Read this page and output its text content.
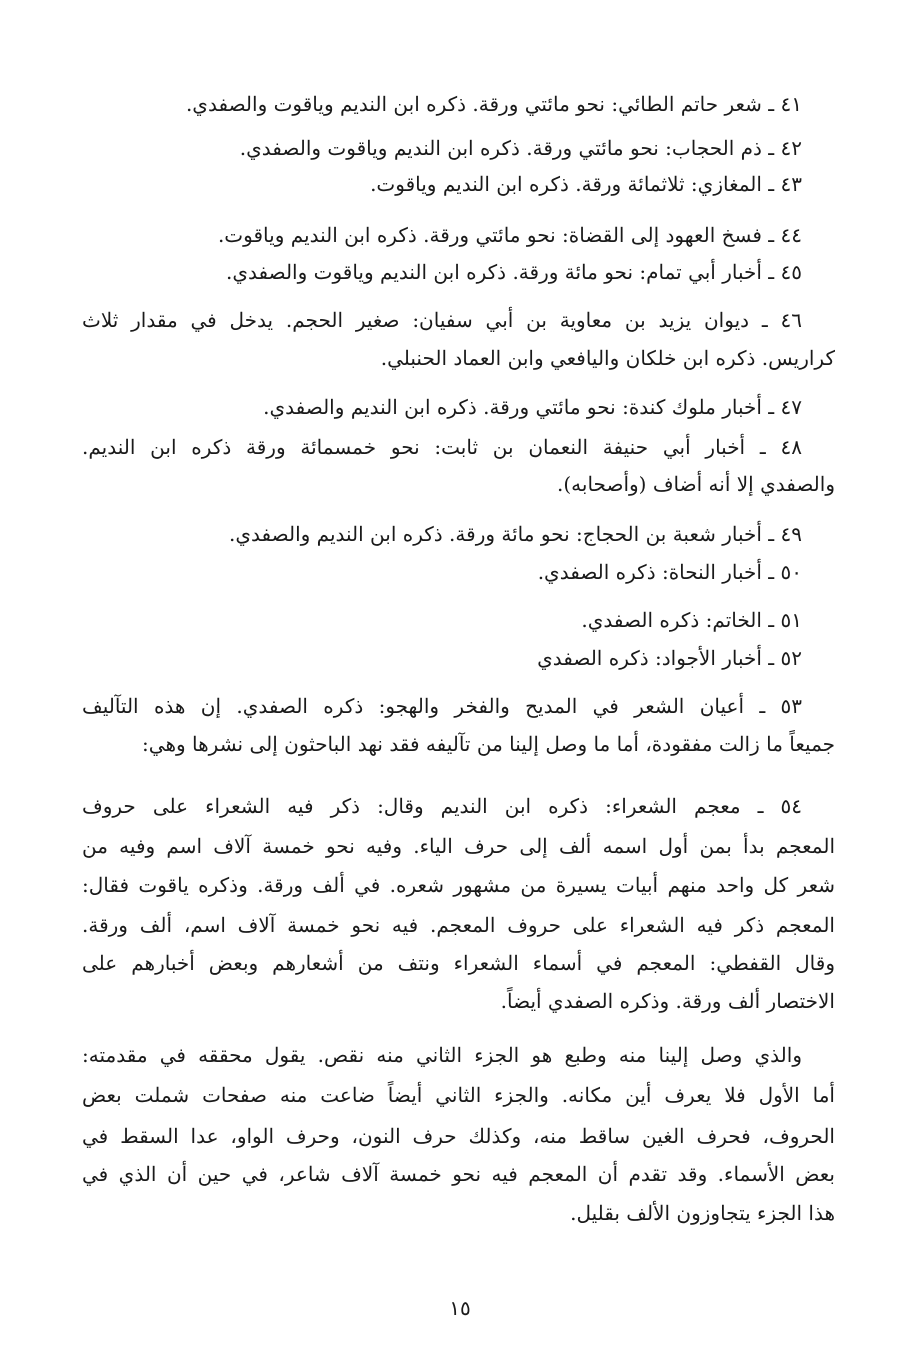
٤١ ـ شعر حاتم الطائي: نحو مائتي ورقة. ذكره ابن النديم وياقوت والصفدي.
٤٢ ـ ذم الحجاب: نحو مائتي ورقة. ذكره ابن النديم وياقوت والصفدي.
٤٣ ـ المغازي: ثلاثمائة ورقة. ذكره ابن النديم وياقوت.
٤٤ ـ فسخ العهود إلى القضاة: نحو مائتي ورقة. ذكره ابن النديم وياقوت.
٤٥ ـ أخبار أبي تمام: نحو مائة ورقة. ذكره ابن النديم وياقوت والصفدي.
٤٦ ـ ديوان يزيد بن معاوية بن أبي سفيان: صغير الحجم. يدخل في مقدار ثلاث
كراريس. ذكره ابن خلكان واليافعي وابن العماد الحنبلي.
٤٧ ـ أخبار ملوك كندة: نحو مائتي ورقة. ذكره ابن النديم والصفدي.
٤٨ ـ أخبار أبي حنيفة النعمان بن ثابت: نحو خمسمائة ورقة ذكره ابن النديم.
والصفدي إلا أنه أضاف (وأصحابه).
٤٩ ـ أخبار شعبة بن الحجاج: نحو مائة ورقة. ذكره ابن النديم والصفدي.
٥٠ ـ أخبار النحاة: ذكره الصفدي.
٥١ ـ الخاتم: ذكره الصفدي.
٥٢ ـ أخبار الأجواد: ذكره الصفدي
٥٣ ـ أعيان الشعر في المديح والفخر والهجو: ذكره الصفدي. إن هذه التآليف
جميعاً ما زالت مفقودة، أما ما وصل إلينا من تآليفه فقد نهد الباحثون إلى نشرها وهي:
٥٤ ـ معجم الشعراء: ذكره ابن النديم وقال: ذكر فيه الشعراء على حروف
المعجم بدأ بمن أول اسمه ألف إلى حرف الياء. وفيه نحو خمسة آلاف اسم وفيه من
شعر كل واحد منهم أبيات يسيرة من مشهور شعره. في ألف ورقة. وذكره ياقوت فقال:
المعجم ذكر فيه الشعراء على حروف المعجم. فيه نحو خمسة آلاف اسم، ألف ورقة.
وقال القفطي: المعجم في أسماء الشعراء ونتف من أشعارهم وبعض أخبارهم على
الاختصار ألف ورقة. وذكره الصفدي أيضاً.
والذي وصل إلينا منه وطبع هو الجزء الثاني منه نقص. يقول محققه في مقدمته:
أما الأول فلا يعرف أين مكانه. والجزء الثاني أيضاً ضاعت منه صفحات شملت بعض
الحروف، فحرف الغين ساقط منه، وكذلك حرف النون، وحرف الواو، عدا السقط في
بعض الأسماء. وقد تقدم أن المعجم فيه نحو خمسة آلاف شاعر، في حين أن الذي في
هذا الجزء يتجاوزون الألف بقليل.
١٥
